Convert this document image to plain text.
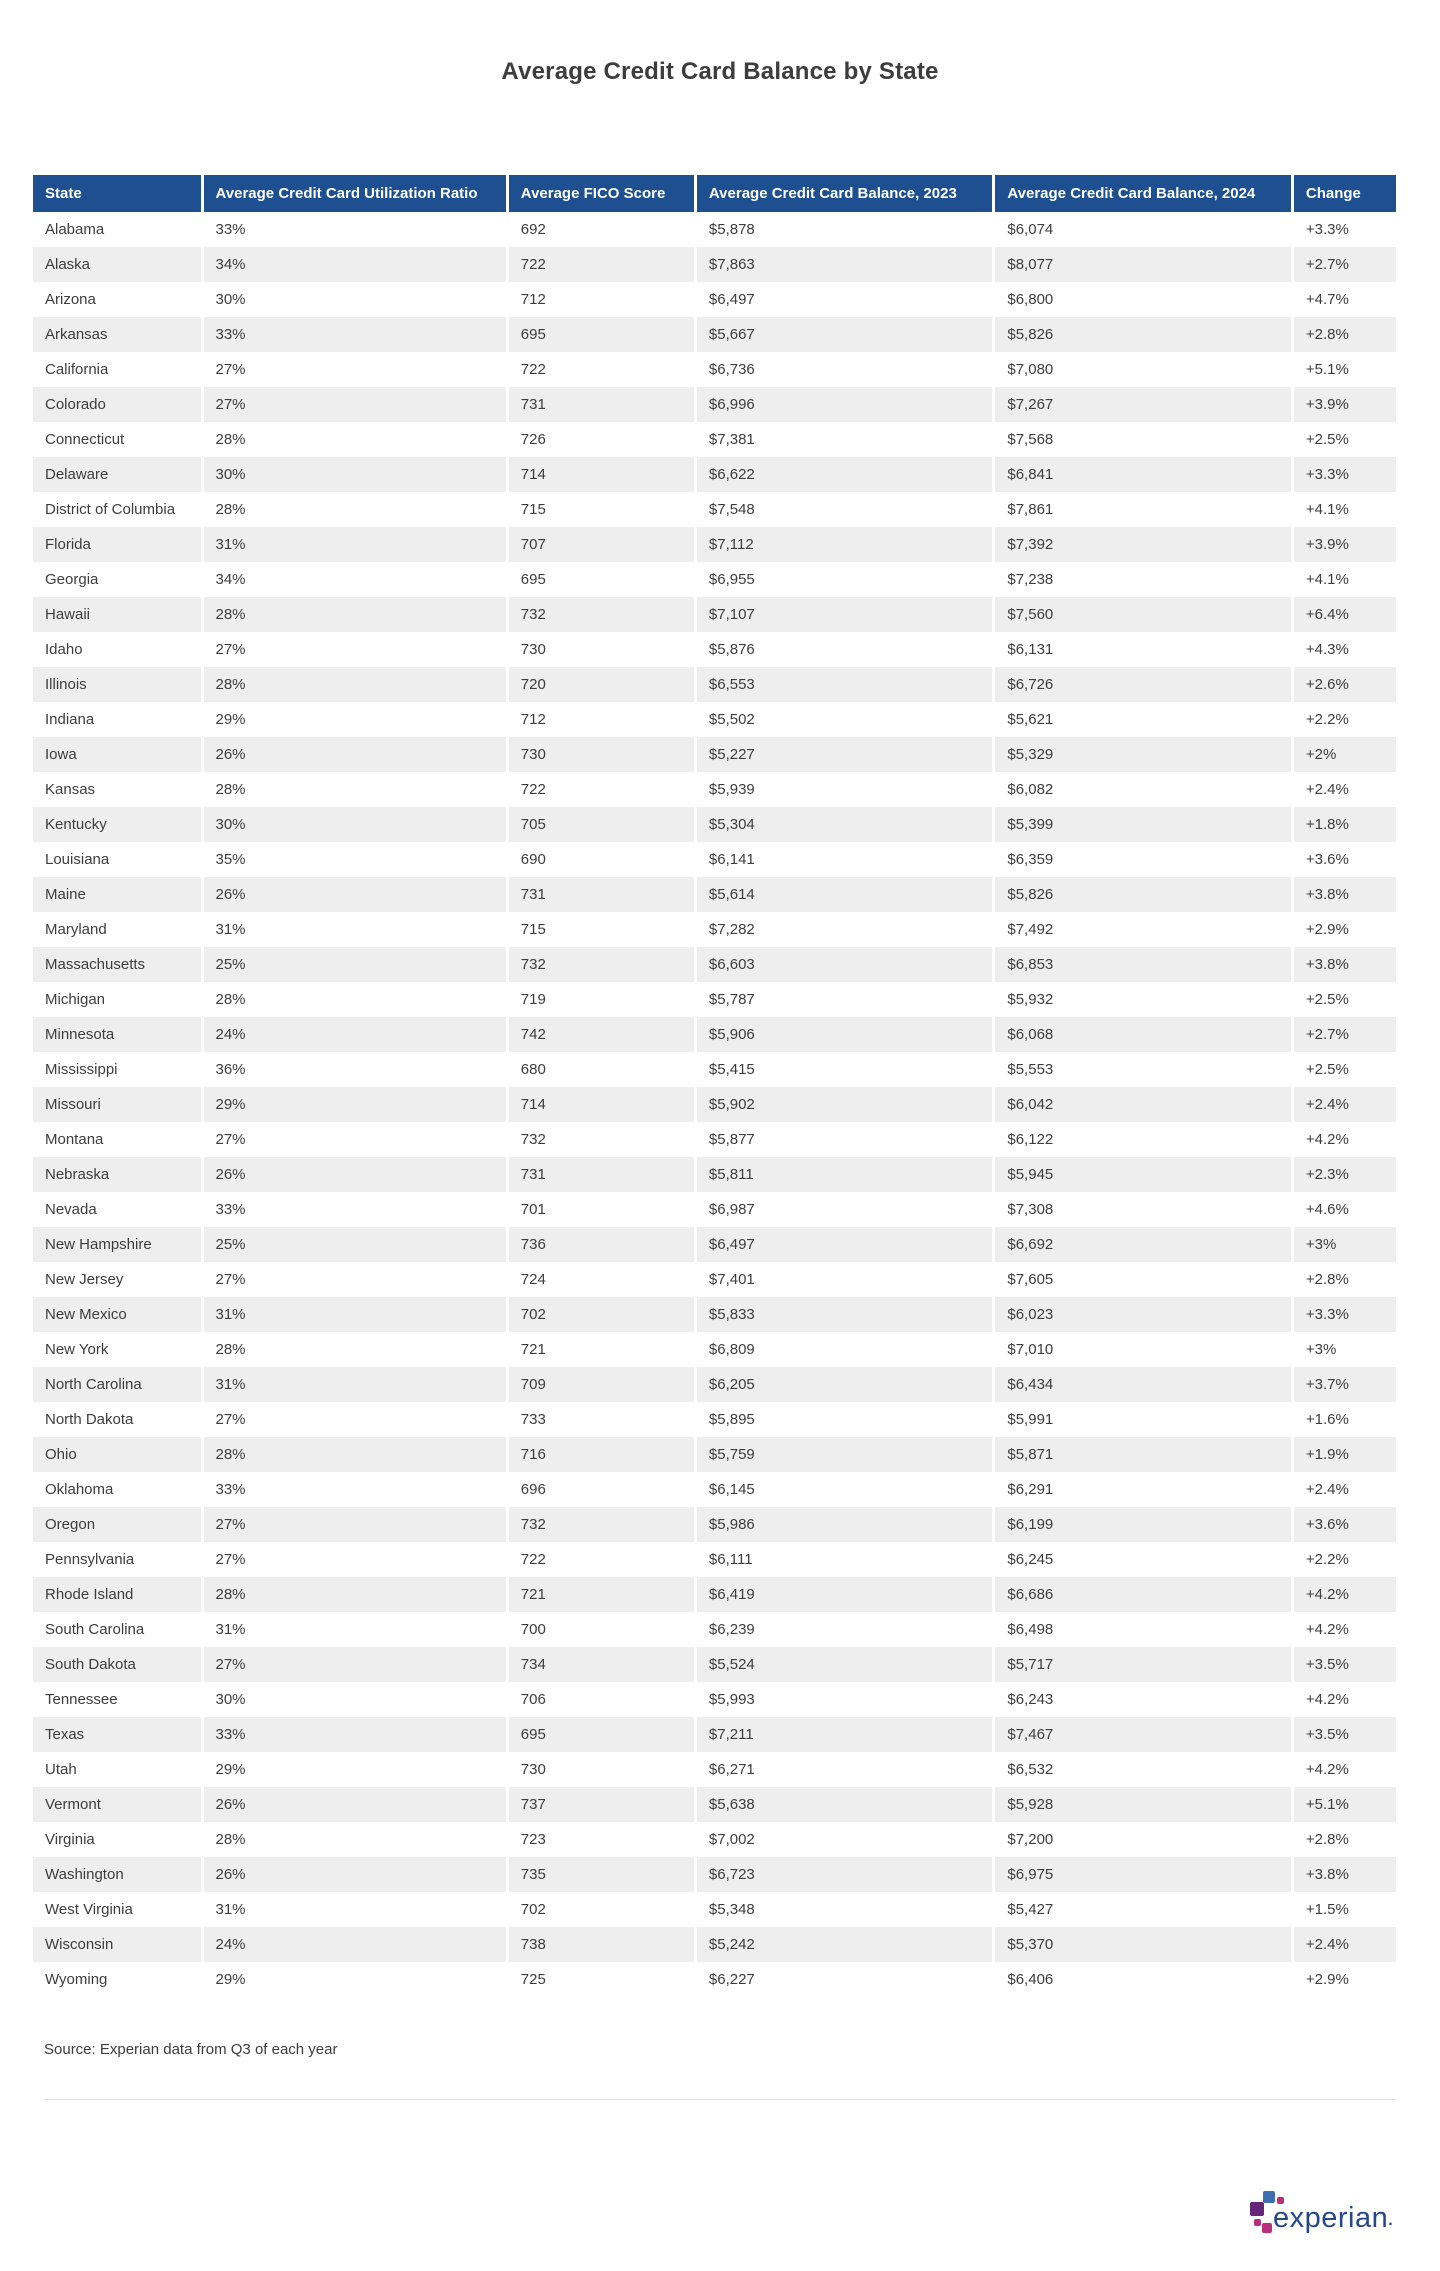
Average Credit Card Balance by State
State	Average Credit Card Utilization Ratio	Average FICO Score	Average Credit Card Balance, 2023	Average Credit Card Balance, 2024	Change
Alabama	33%	692	$5,878	$6,074	+3.3%
Alaska	34%	722	$7,863	$8,077	+2.7%
Arizona	30%	712	$6,497	$6,800	+4.7%
Arkansas	33%	695	$5,667	$5,826	+2.8%
California	27%	722	$6,736	$7,080	+5.1%
Colorado	27%	731	$6,996	$7,267	+3.9%
Connecticut	28%	726	$7,381	$7,568	+2.5%
Delaware	30%	714	$6,622	$6,841	+3.3%
District of Columbia	28%	715	$7,548	$7,861	+4.1%
Florida	31%	707	$7,112	$7,392	+3.9%
Georgia	34%	695	$6,955	$7,238	+4.1%
Hawaii	28%	732	$7,107	$7,560	+6.4%
Idaho	27%	730	$5,876	$6,131	+4.3%
Illinois	28%	720	$6,553	$6,726	+2.6%
Indiana	29%	712	$5,502	$5,621	+2.2%
Iowa	26%	730	$5,227	$5,329	+2%
Kansas	28%	722	$5,939	$6,082	+2.4%
Kentucky	30%	705	$5,304	$5,399	+1.8%
Louisiana	35%	690	$6,141	$6,359	+3.6%
Maine	26%	731	$5,614	$5,826	+3.8%
Maryland	31%	715	$7,282	$7,492	+2.9%
Massachusetts	25%	732	$6,603	$6,853	+3.8%
Michigan	28%	719	$5,787	$5,932	+2.5%
Minnesota	24%	742	$5,906	$6,068	+2.7%
Mississippi	36%	680	$5,415	$5,553	+2.5%
Missouri	29%	714	$5,902	$6,042	+2.4%
Montana	27%	732	$5,877	$6,122	+4.2%
Nebraska	26%	731	$5,811	$5,945	+2.3%
Nevada	33%	701	$6,987	$7,308	+4.6%
New Hampshire	25%	736	$6,497	$6,692	+3%
New Jersey	27%	724	$7,401	$7,605	+2.8%
New Mexico	31%	702	$5,833	$6,023	+3.3%
New York	28%	721	$6,809	$7,010	+3%
North Carolina	31%	709	$6,205	$6,434	+3.7%
North Dakota	27%	733	$5,895	$5,991	+1.6%
Ohio	28%	716	$5,759	$5,871	+1.9%
Oklahoma	33%	696	$6,145	$6,291	+2.4%
Oregon	27%	732	$5,986	$6,199	+3.6%
Pennsylvania	27%	722	$6,111	$6,245	+2.2%
Rhode Island	28%	721	$6,419	$6,686	+4.2%
South Carolina	31%	700	$6,239	$6,498	+4.2%
South Dakota	27%	734	$5,524	$5,717	+3.5%
Tennessee	30%	706	$5,993	$6,243	+4.2%
Texas	33%	695	$7,211	$7,467	+3.5%
Utah	29%	730	$6,271	$6,532	+4.2%
Vermont	26%	737	$5,638	$5,928	+5.1%
Virginia	28%	723	$7,002	$7,200	+2.8%
Washington	26%	735	$6,723	$6,975	+3.8%
West Virginia	31%	702	$5,348	$5,427	+1.5%
Wisconsin	24%	738	$5,242	$5,370	+2.4%
Wyoming	29%	725	$6,227	$6,406	+2.9%

Source: Experian data from Q3 of each year

experian.
